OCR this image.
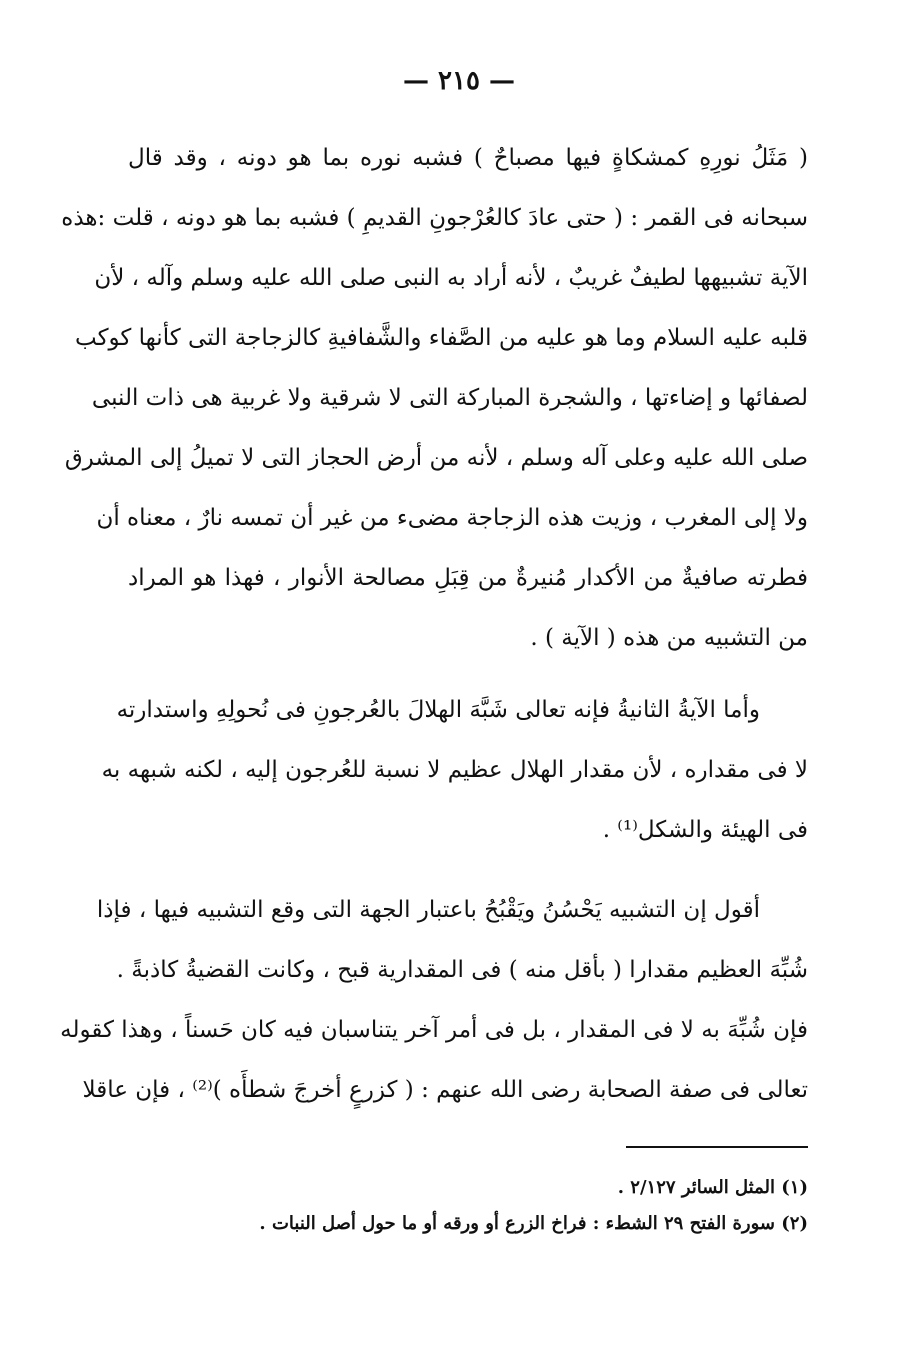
— ٢١٥ —
( مَثَلُ نورِهِ كمشكاةٍ فيها مصباحٌ ) فشبه نوره بما هو دونه ، وقد قال
سبحانه فى القمر : ( حتى عادَ كالعُرْجونِ القديمِ ) فشبه بما هو دونه ، قلت :هذه
الآية تشبيهها لطيفٌ غريبٌ ، لأنه أراد به النبى صلى الله عليه وسلم وآله ، لأن
قلبه عليه السلام وما هو عليه من الصَّفاء والشَّفافيةِ كالزجاجة التى كأنها كوكب
لصفائها و إضاءتها ، والشجرة المباركة التى لا شرقية ولا غربية هى ذات النبى
صلى الله عليه وعلى آله وسلم ، لأنه من أرض الحجاز التى لا تميلُ إلى المشرق
ولا إلى المغرب ، وزيت هذه الزجاجة مضىء من غير أن تمسه نارٌ ، معناه أن
فطرته صافيةٌ من الأكدار مُنيرةٌ من قِبَلِ مصالحة الأنوار ، فهذا هو المراد
من التشبيه من هذه ( الآية ) .
وأما الآيةُ الثانيةُ فإنه تعالى شَبَّهَ الهلالَ بالعُرجونِ فى نُحولِهِ واستدارته
لا فى مقداره ، لأن مقدار الهلال عظيم لا نسبة للعُرجون إليه ، لكنه شبهه به
فى الهيئة والشكل⁽¹⁾ .
أقول إن التشبيه يَحْسُنُ ويَقْبُحُ باعتبار الجهة التى وقع التشبيه فيها ، فإذا
شُبِّهَ العظيم مقدارا ( بأقل منه ) فى المقدارية قبح ، وكانت القضيةُ كاذبةً .
فإن شُبِّهَ به لا فى المقدار ، بل فى أمر آخر يتناسبان فيه كان حَسناً ، وهذا كقوله
تعالى فى صفة الصحابة رضى الله عنهم : ( كزرعٍ أخرجَ شطأَه )⁽²⁾ ، فإن عاقلا
(١) المثل السائر ٢/١٢٧ .
(٢) سورة الفتح ٢٩ الشطء : فراخ الزرع أو ورقه أو ما حول أصل النبات .
